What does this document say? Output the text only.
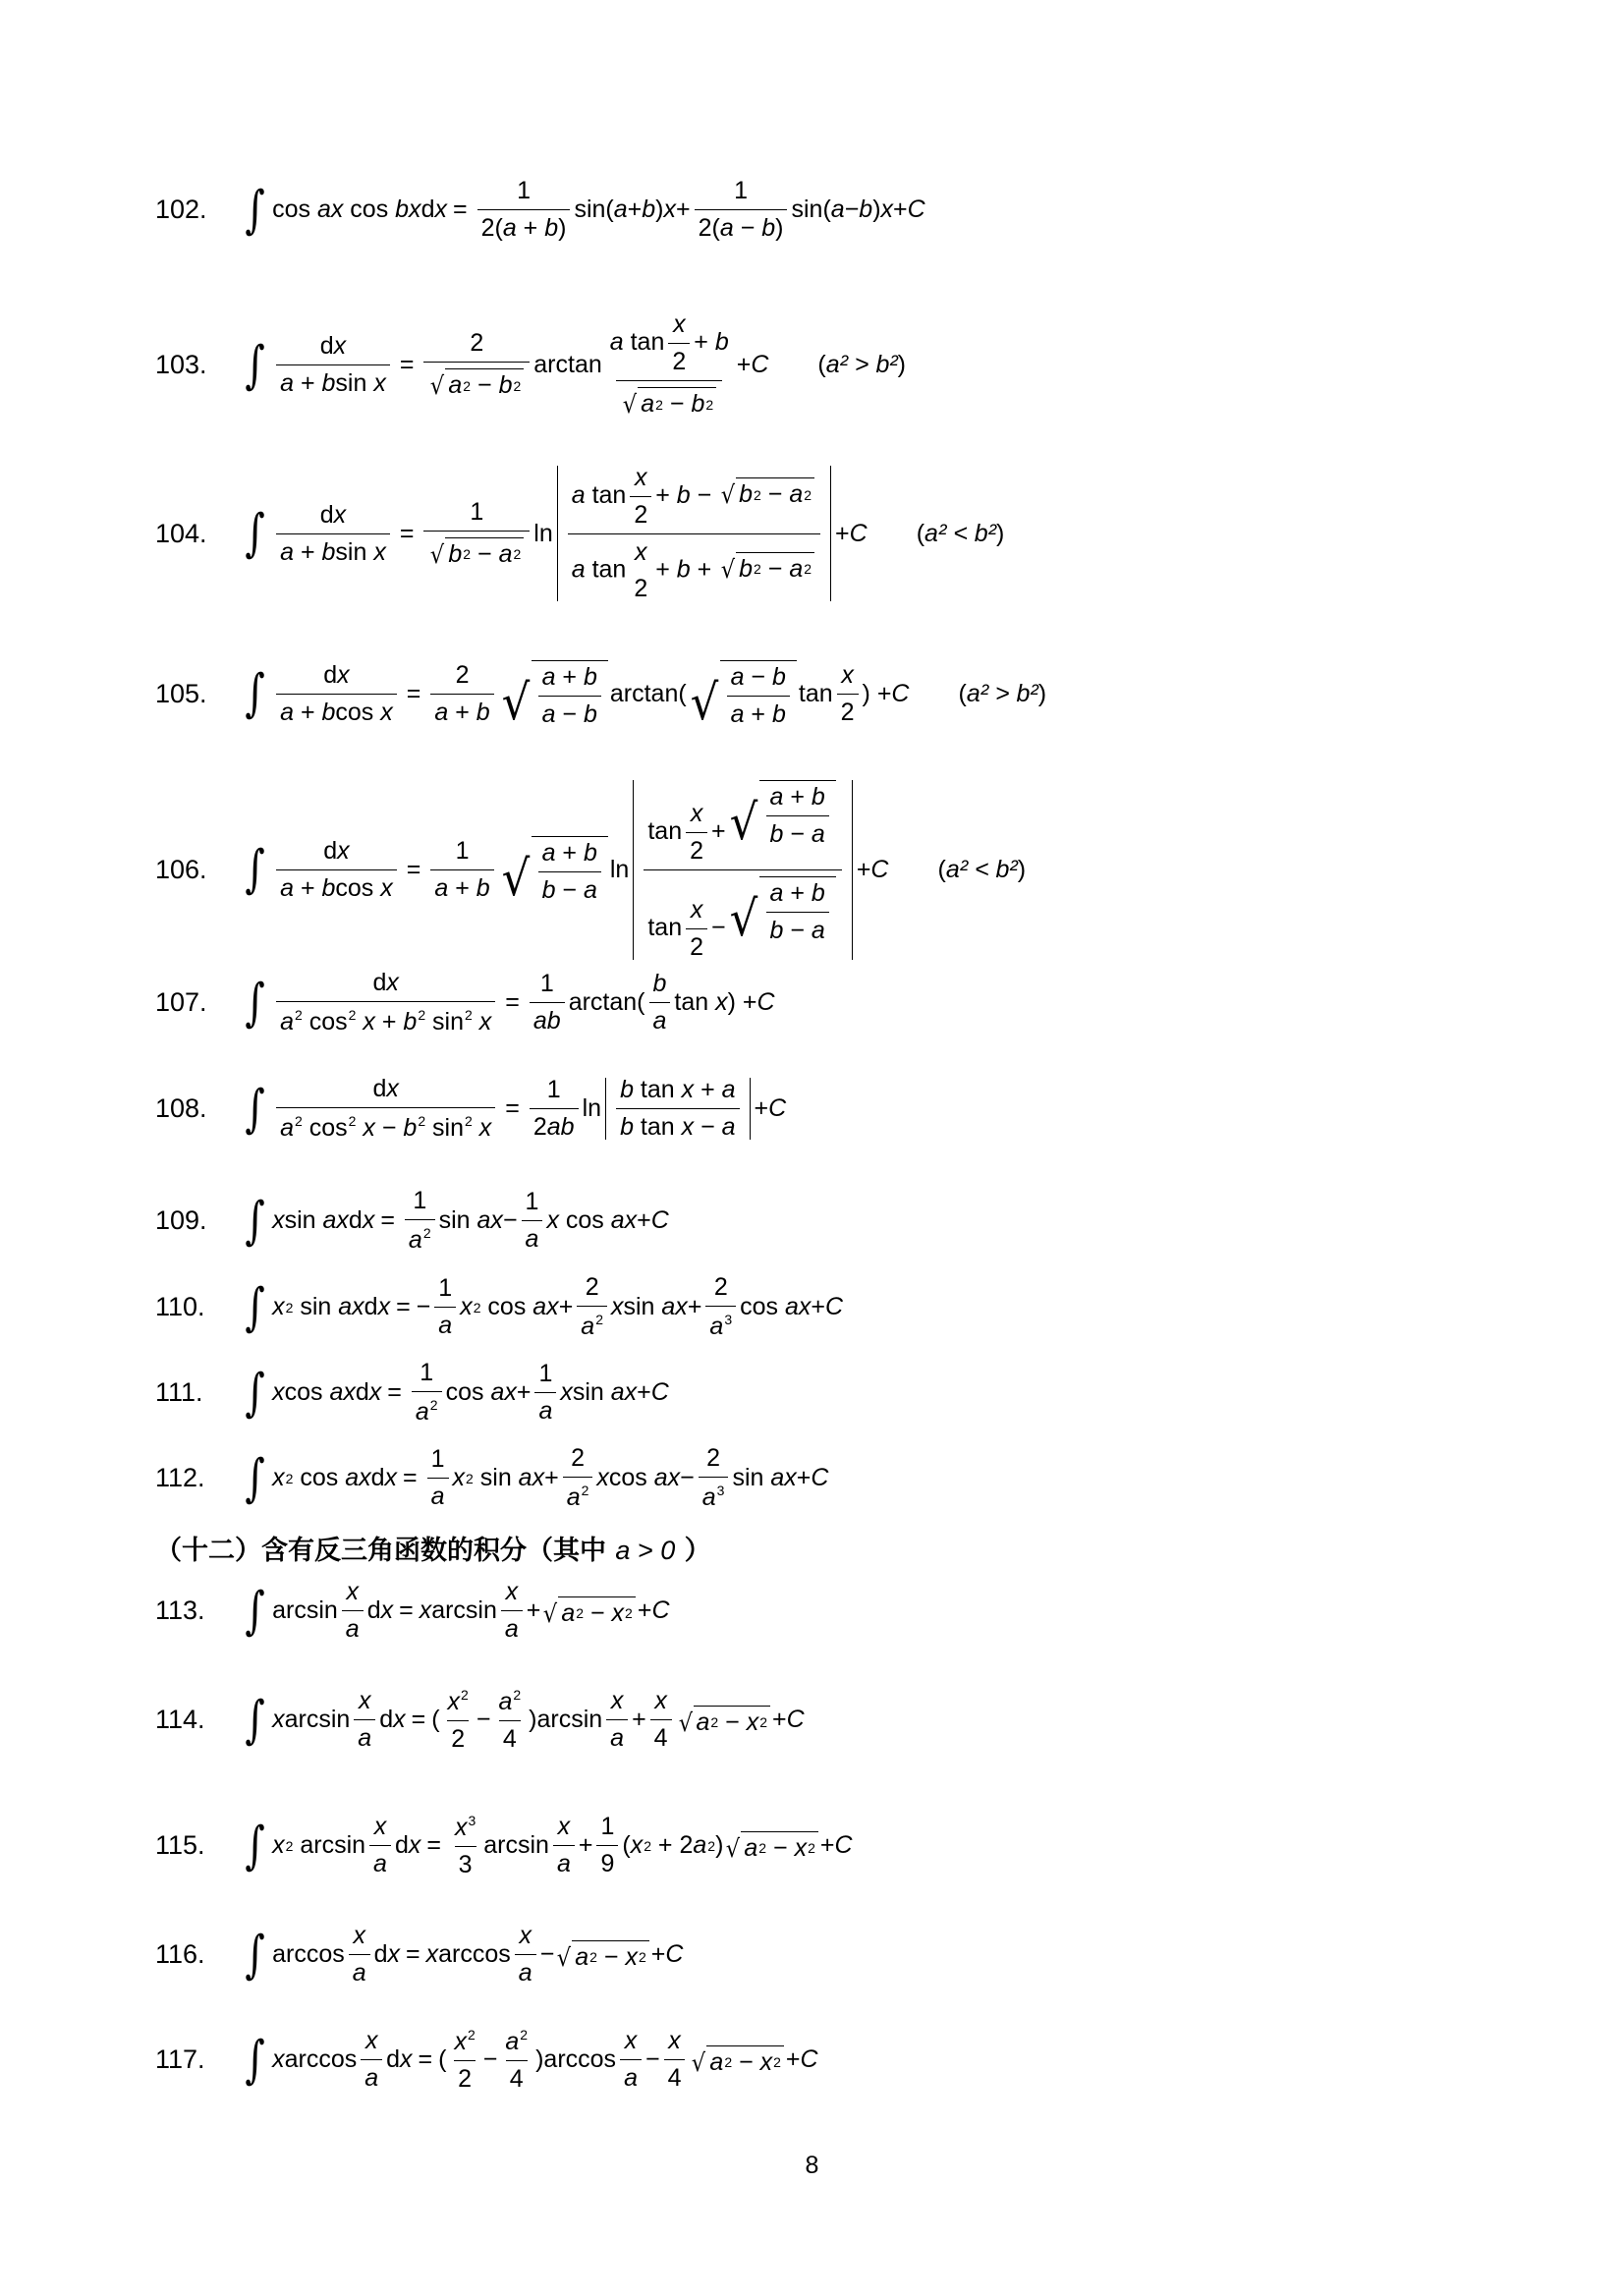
102. ∫ cos ax cos bx d $x = \frac{1}{2(a + b)} \sin$( a + b ) $x + \frac{1}{2(a - b)} \sin$( a − b ) x + C
103. ∫ $\frac{dx}{\text{a + bsin x}} = \frac{2}{√ a 2 - b 2}$ $\arctan \frac{a \tan \frac{x}{2} + b}{√ a 2 - b 2} + C$ (a² > b²)
104. ∫ $\frac{dx}{\text{a + bsin x}} = \frac{1}{√ b 2 - a 2}$ ln a $\tan \frac{x}{2} + b$ − √ b 2 − a 2
a tan
x
2
+ b + √ b 2 − a 2 + C (a² < b²)
105. ∫ $\frac{dx}{\text{a + bcos x}} = \frac{2}{a + b}$ √ $\frac{a + b}{a - b} \arctan$( √ $\frac{a - b}{a + b}$ $\tan \frac{x}{2}$ ) + C (a² > b²)
106. ∫ $\frac{dx}{\text{a + bcos x}} = \frac{1}{a + b}$ √ $\frac{a + b}{b - a}$ $\ln \frac{\tan \frac{x}{2} + √ \frac{a + b}{b - a}}{\tan \frac{x}{2} - √ \frac{a + b}{b - a}} + C$ (a² < b²)
107. ∫ $\frac{dx}{a^2 \cos^2 x + b^2 \sin^2 x} = \frac{1}{ab} \arctan( \frac{b}{a}$ tan x ) + C
108. ∫ $\frac{dx}{a^2 \cos^2 x - b^2 \sin^2 x} = \frac{1}{2ab}$ $\ln \frac{\text{b tan x + a}}{\text{b tan x − a}} + C$
109. ∫ x sin ax d $x = \frac{1}{a^2}$ sin ax − $\frac{1}{a}$ x cos ax + C
110. ∫ x 2 sin ax d x = − $\frac{1}{a}$ x 2 cos ax + $\frac{2}{a^2}$ x sin ax + $\frac{2}{a^3}$ cos ax + C
111. ∫ x cos ax d $x = \frac{1}{a^2}$ cos ax + $\frac{1}{a}$ x sin ax + C
112. ∫ x 2 cos ax d $x = \frac{1}{a}$ x 2 sin ax + $\frac{2}{a^2}$ x cos ax − $\frac{2}{a^3}$ sin ax + C
（十二）含有反三角函数的积分（其中 a > 0 ）
113. ∫ $\arcsin \frac{x}{a}$ d x = x $\arcsin \frac{x}{a}$ + √ a 2 − x 2 + C
114. ∫ x $\arcsin \frac{x}{a}$ d x = ( $\frac{x^2}{2} - \frac{a^2}{4} )\arcsin \frac{x}{a} + \frac{x}{4}$ √ a 2 − x 2 + C
115. ∫ x 2 $\arcsin \frac{x}{a}$ d $x = \frac{x^3}{3}$ $\arcsin \frac{x}{a} + \frac{1}{9}$ ( x 2 + 2 a 2 ) √ a 2 − x 2 + C
116. ∫ $\arccos \frac{x}{a}$ d x = x $\arccos \frac{x}{a}$ − √ a 2 − x 2 + C
117. ∫ x $\arccos \frac{x}{a}$ d x = ( $\frac{x^2}{2} - \frac{a^2}{4} )\arccos \frac{x}{a} - \frac{x}{4}$ √ a 2 − x 2 + C
8
